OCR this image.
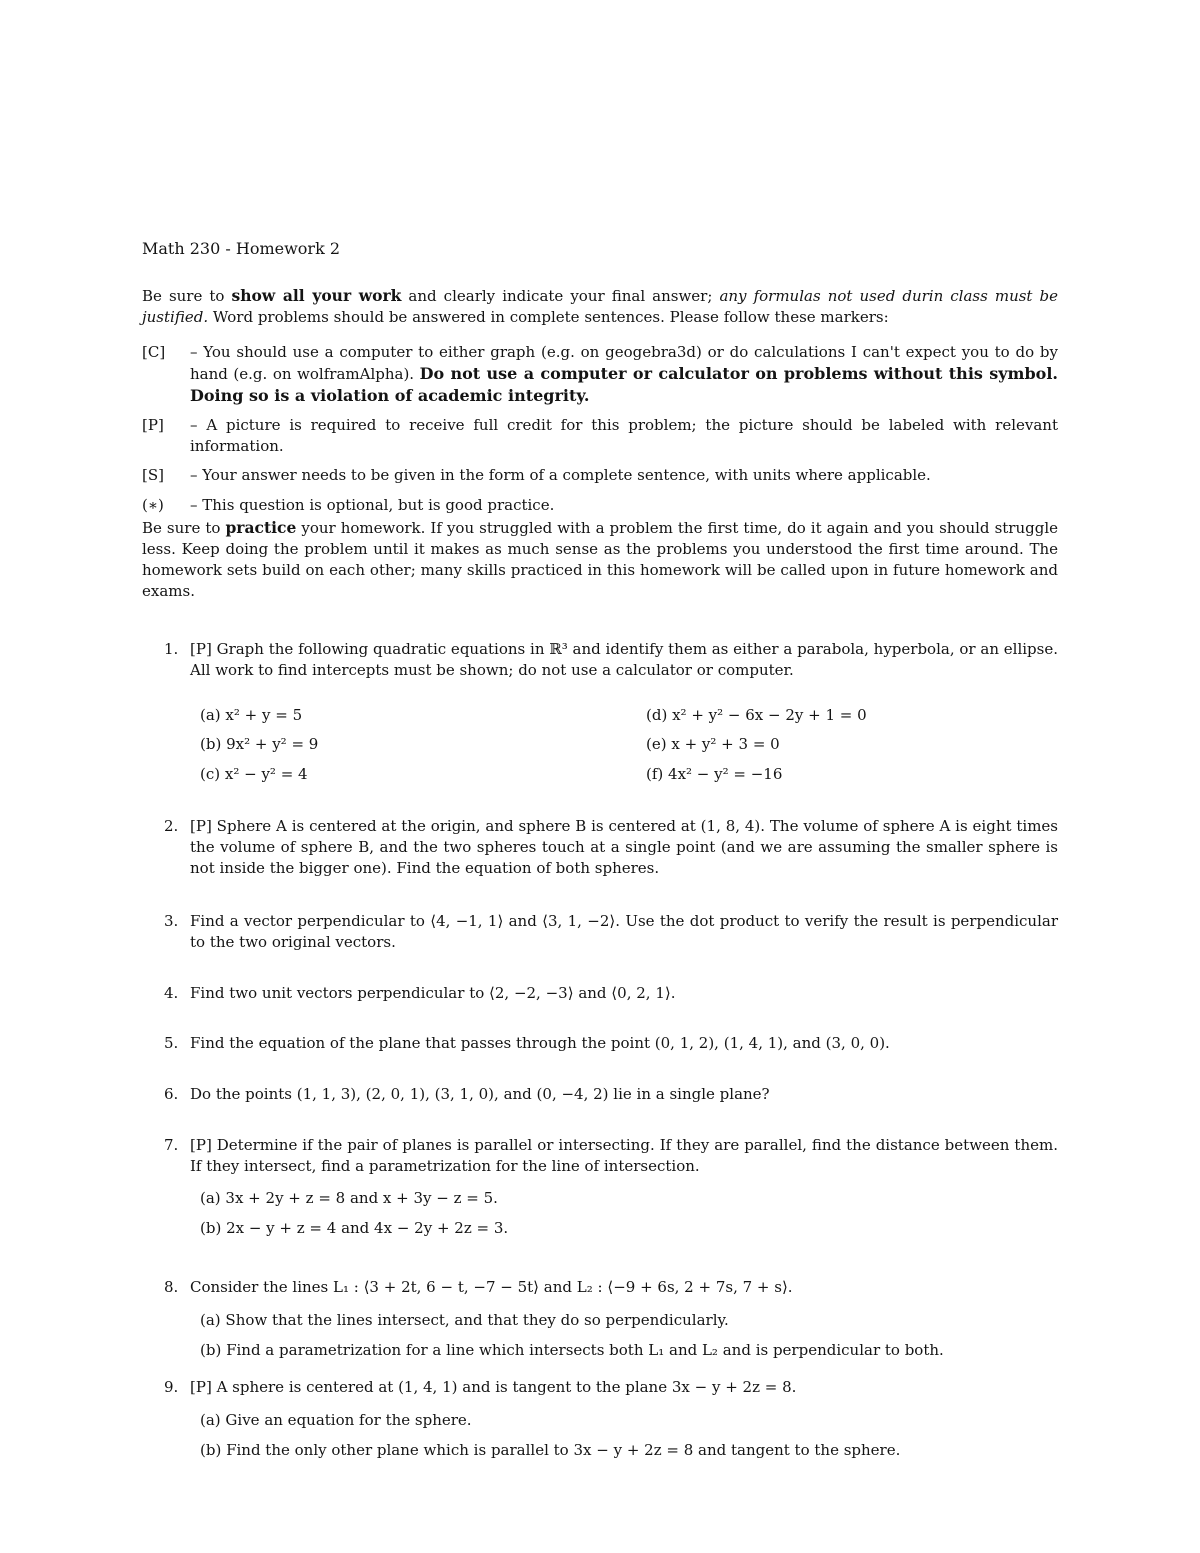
Math 230 - Homework 2
Be sure to show all your work and clearly indicate your final answer; any formulas not used durin class must be justified. Word problems should be answered in complete sentences. Please follow these markers:
[C] – You should use a computer to either graph (e.g. on geogebra3d) or do calculations I can't expect you to do by hand (e.g. on wolframAlpha). Do not use a computer or calculator on problems without this symbol. Doing so is a violation of academic integrity.
[P] – A picture is required to receive full credit for this problem; the picture should be labeled with relevant information.
[S] – Your answer needs to be given in the form of a complete sentence, with units where applicable.
(∗) – This question is optional, but is good practice.
Be sure to practice your homework. If you struggled with a problem the first time, do it again and you should struggle less. Keep doing the problem until it makes as much sense as the problems you understood the first time around. The homework sets build on each other; many skills practiced in this homework will be called upon in future homework and exams.
1. [P] Graph the following quadratic equations in ℝ³ and identify them as either a parabola, hyperbola, or an ellipse. All work to find intercepts must be shown; do not use a calculator or computer.
(a) x² + y = 5
(b) 9x² + y² = 9
(c) x² − y² = 4
(d) x² + y² − 6x − 2y + 1 = 0
(e) x + y² + 3 = 0
(f) 4x² − y² = −16
2. [P] Sphere A is centered at the origin, and sphere B is centered at (1, 8, 4). The volume of sphere A is eight times the volume of sphere B, and the two spheres touch at a single point (and we are assuming the smaller sphere is not inside the bigger one). Find the equation of both spheres.
3. Find a vector perpendicular to ⟨4, −1, 1⟩ and ⟨3, 1, −2⟩. Use the dot product to verify the result is perpendicular to the two original vectors.
4. Find two unit vectors perpendicular to ⟨2, −2, −3⟩ and ⟨0, 2, 1⟩.
5. Find the equation of the plane that passes through the point (0, 1, 2), (1, 4, 1), and (3, 0, 0).
6. Do the points (1, 1, 3), (2, 0, 1), (3, 1, 0), and (0, −4, 2) lie in a single plane?
7. [P] Determine if the pair of planes is parallel or intersecting. If they are parallel, find the distance between them. If they intersect, find a parametrization for the line of intersection.
(a) 3x + 2y + z = 8 and x + 3y − z = 5.
(b) 2x − y + z = 4 and 4x − 2y + 2z = 3.
8. Consider the lines L₁ : ⟨3 + 2t, 6 − t, −7 − 5t⟩ and L₂ : ⟨−9 + 6s, 2 + 7s, 7 + s⟩.
(a) Show that the lines intersect, and that they do so perpendicularly.
(b) Find a parametrization for a line which intersects both L₁ and L₂ and is perpendicular to both.
9. [P] A sphere is centered at (1, 4, 1) and is tangent to the plane 3x − y + 2z = 8.
(a) Give an equation for the sphere.
(b) Find the only other plane which is parallel to 3x − y + 2z = 8 and tangent to the sphere.
